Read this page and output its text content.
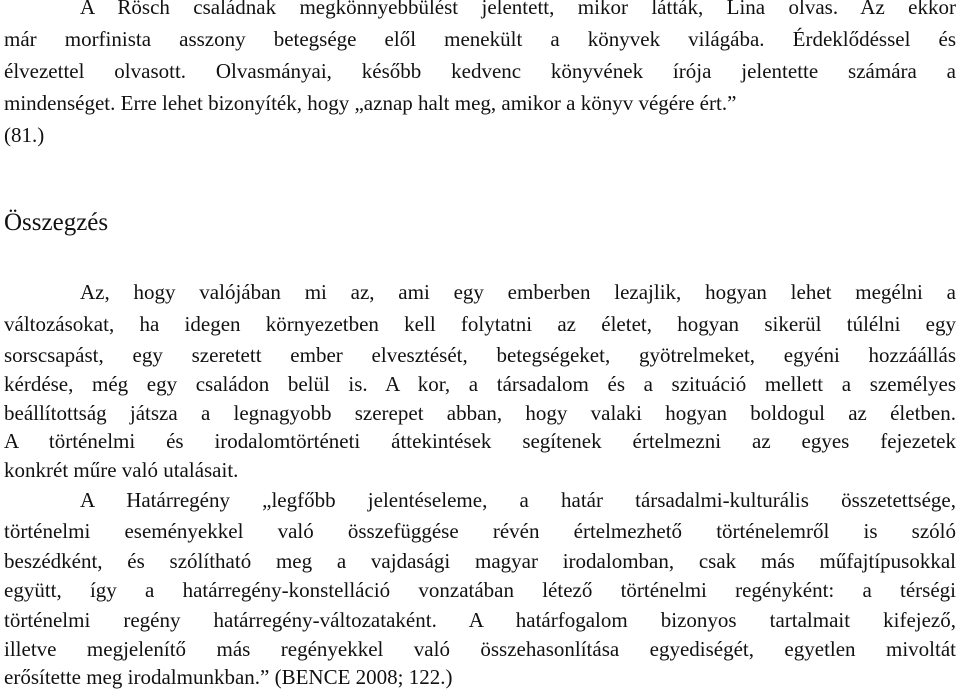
A Rösch családnak megkönnyebbülést jelentett, mikor látták, Lina olvas. Az ekkor
már morfinista asszony betegsége elől menekült a könyvek világába. Érdeklődéssel és
élvezettel olvasott. Olvasmányai, később kedvenc könyvének írója jelentette számára a
mindenséget. Erre lehet bizonyíték, hogy „aznap halt meg, amikor a könyv végére ért.”
(81.)
Összegzés
Az, hogy valójában mi az, ami egy emberben lezajlik, hogyan lehet megélni a
változásokat, ha idegen környezetben kell folytatni az életet, hogyan sikerül túlélni egy
sorscsapást, egy szeretett ember elvesztését, betegségeket, gyötrelmeket, egyéni hozzáállás
kérdése, még egy családon belül is. A kor, a társadalom és a szituáció mellett a személyes
beállítottság játsza a legnagyobb szerepet abban, hogy valaki hogyan boldogul az életben.
A történelmi és irodalomtörténeti áttekintések segítenek értelmezni az egyes fejezetek
konkrét műre való utalásait.
A Határregény „legfőbb jelentéseleme, a határ társadalmi-kulturális összetettsége,
történelmi eseményekkel való összefüggése révén értelmezhető történelemről is szóló
beszédként, és szólítható meg a vajdasági magyar irodalomban, csak más műfajtípusokkal
együtt, így a határregény-konstelláció vonzatában létező történelmi regényként: a térségi
történelmi regény határregény-változataként. A határfogalom bizonyos tartalmait kifejező,
illetve megjelenítő más regényekkel való összehasonlítása egyediségét, egyetlen mivoltát
erősítette meg irodalmunkban.” (BENCE 2008; 122.)
